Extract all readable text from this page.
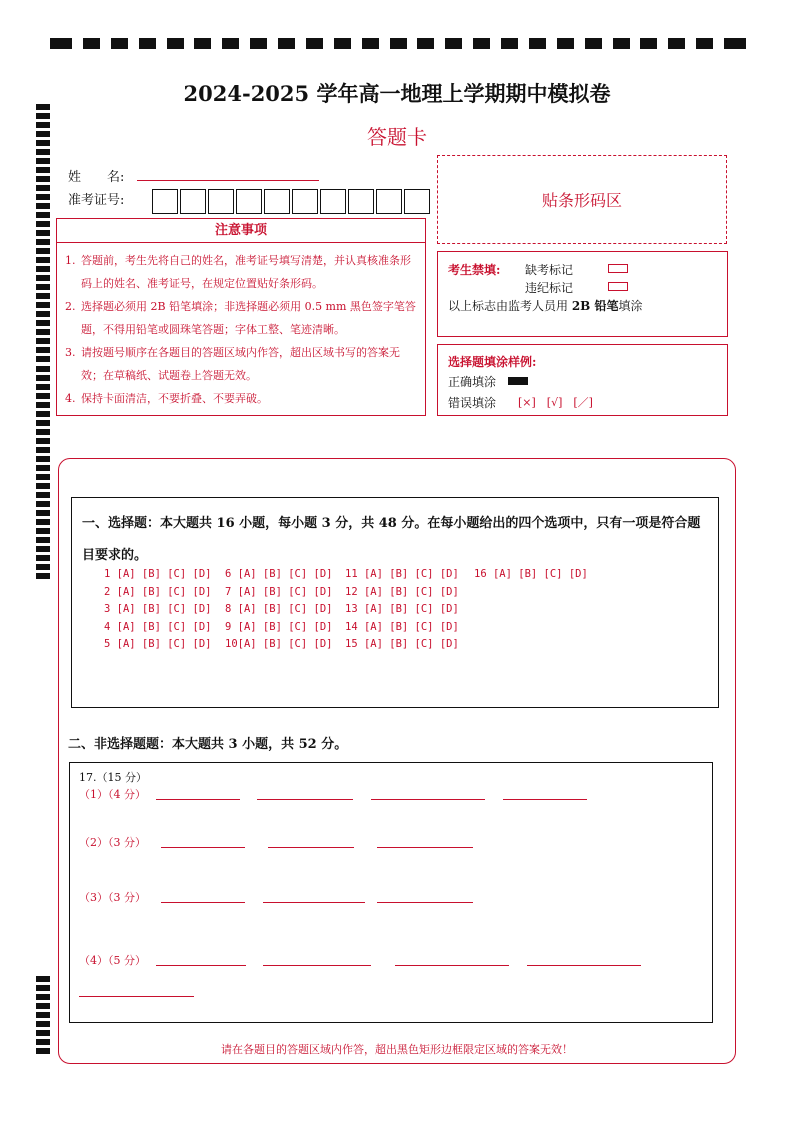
2024-2025 学年高一地理上学期期中模拟卷
答题卡
姓　　名:
准考证号:	贴条形码区
注意事项
1. 答题前，考生先将自己的姓名，准考证号填写清楚，并认真核准条形码上的姓名、准考证号，在规定位置贴好条形码。
2. 选择题必须用 2B 铅笔填涂；非选择题必须用 0.5 mm 黑色签字笔答题，不得用铅笔或圆珠笔答题；字体工整、笔迹清晰。
3. 请按题号顺序在各题目的答题区域内作答，超出区域书写的答案无效；在草稿纸、试题卷上答题无效。
4. 保持卡面清洁，不要折叠、不要弄破。
考生禁填: 缺考标记
违纪标记
以上标志由监考人员用 2B 铅笔填涂
选择题填涂样例:
正确填涂
错误填涂 [×]　[√]　[／]
一、选择题：本大题共 16 小题，每小题 3 分，共 48 分。在每小题给出的四个选项中，只有一项是符合题目要求的。
1 [A] [B] [C] [D]
2 [A] [B] [C] [D]
3 [A] [B] [C] [D]
4 [A] [B] [C] [D]
5 [A] [B] [C] [D]
6 [A] [B] [C] [D]
7 [A] [B] [C] [D]
8 [A] [B] [C] [D]
9 [A] [B] [C] [D]
10[A] [B] [C] [D]
11 [A] [B] [C] [D]
12 [A] [B] [C] [D]
13 [A] [B] [C] [D]
14 [A] [B] [C] [D]
15 [A] [B] [C] [D]
16 [A] [B] [C] [D]
二、非选择题题：本大题共 3 小题，共 52 分。
17.（15 分）
（1）（4 分）
（2）（3 分）
（3）（3 分）
（4）（5 分）
请在各题目的答题区域内作答，超出黑色矩形边框限定区域的答案无效！
